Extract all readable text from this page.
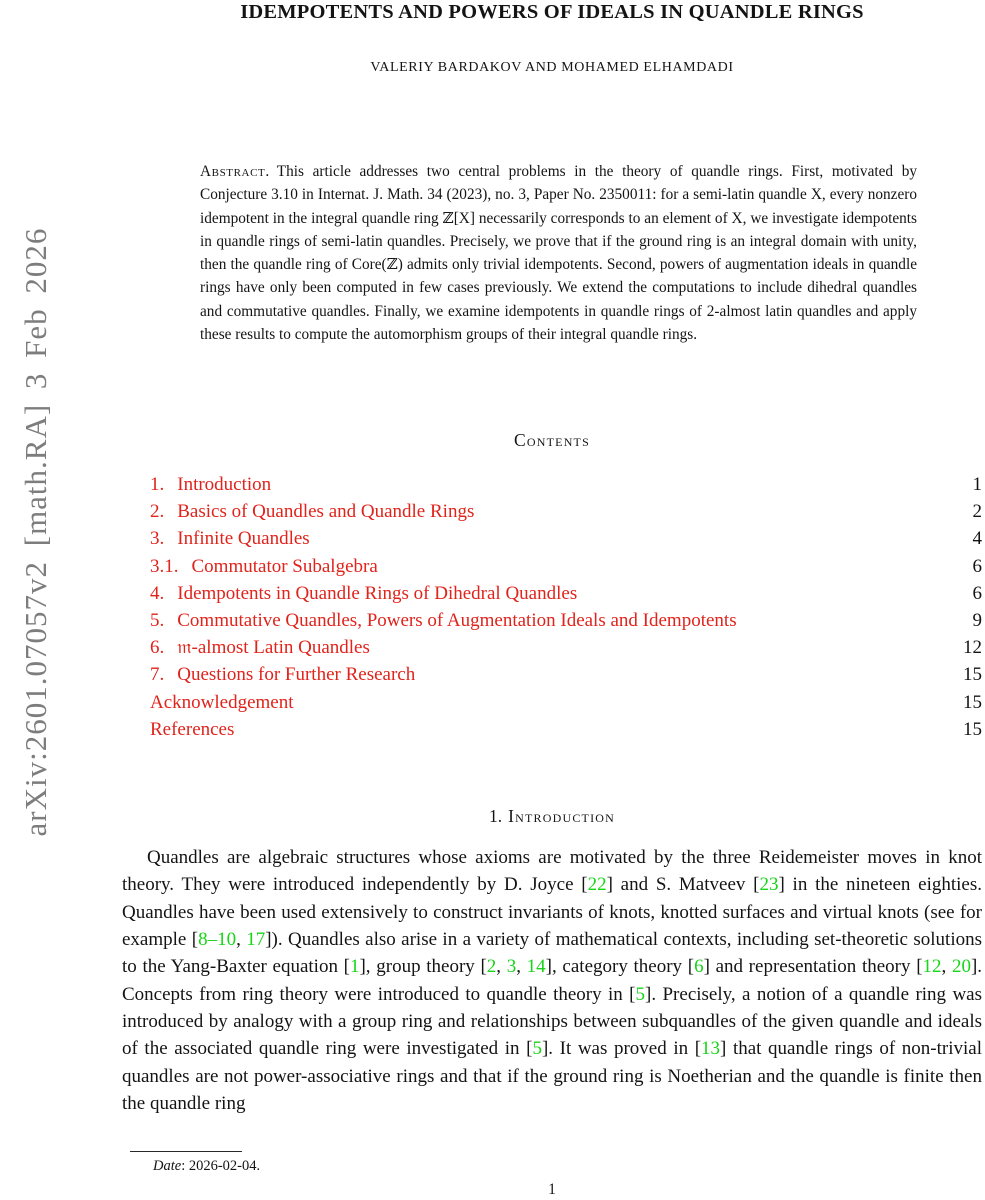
arXiv:2601.07057v2 [math.RA] 3 Feb 2026
IDEMPOTENTS AND POWERS OF IDEALS IN QUANDLE RINGS
VALERIY BARDAKOV AND MOHAMED ELHAMDADI
Abstract. This article addresses two central problems in the theory of quandle rings. First, motivated by Conjecture 3.10 in Internat. J. Math. 34 (2023), no. 3, Paper No. 2350011: for a semi-latin quandle X, every nonzero idempotent in the integral quandle ring ℤ[X] necessarily corresponds to an element of X, we investigate idempotents in quandle rings of semi-latin quandles. Precisely, we prove that if the ground ring is an integral domain with unity, then the quandle ring of Core(ℤ) admits only trivial idempotents. Second, powers of augmentation ideals in quandle rings have only been computed in few cases previously. We extend the computations to include dihedral quandles and commutative quandles. Finally, we examine idempotents in quandle rings of 2-almost latin quandles and apply these results to compute the automorphism groups of their integral quandle rings.
Contents
1. Introduction	1
2. Basics of Quandles and Quandle Rings	2
3. Infinite Quandles	4
3.1. Commutator Subalgebra	6
4. Idempotents in Quandle Rings of Dihedral Quandles	6
5. Commutative Quandles, Powers of Augmentation Ideals and Idempotents	9
6. 𝔪-almost Latin Quandles	12
7. Questions for Further Research	15
Acknowledgement	15
References	15
1. Introduction
Quandles are algebraic structures whose axioms are motivated by the three Reidemeister moves in knot theory. They were introduced independently by D. Joyce [22] and S. Matveev [23] in the nineteen eighties. Quandles have been used extensively to construct invariants of knots, knotted surfaces and virtual knots (see for example [8–10, 17]). Quandles also arise in a variety of mathematical contexts, including set-theoretic solutions to the Yang-Baxter equation [1], group theory [2, 3, 14], category theory [6] and representation theory [12, 20]. Concepts from ring theory were introduced to quandle theory in [5]. Precisely, a notion of a quandle ring was introduced by analogy with a group ring and relationships between subquandles of the given quandle and ideals of the associated quandle ring were investigated in [5]. It was proved in [13] that quandle rings of non-trivial quandles are not power-associative rings and that if the ground ring is Noetherian and the quandle is finite then the quandle ring
Date: 2026-02-04.
1
